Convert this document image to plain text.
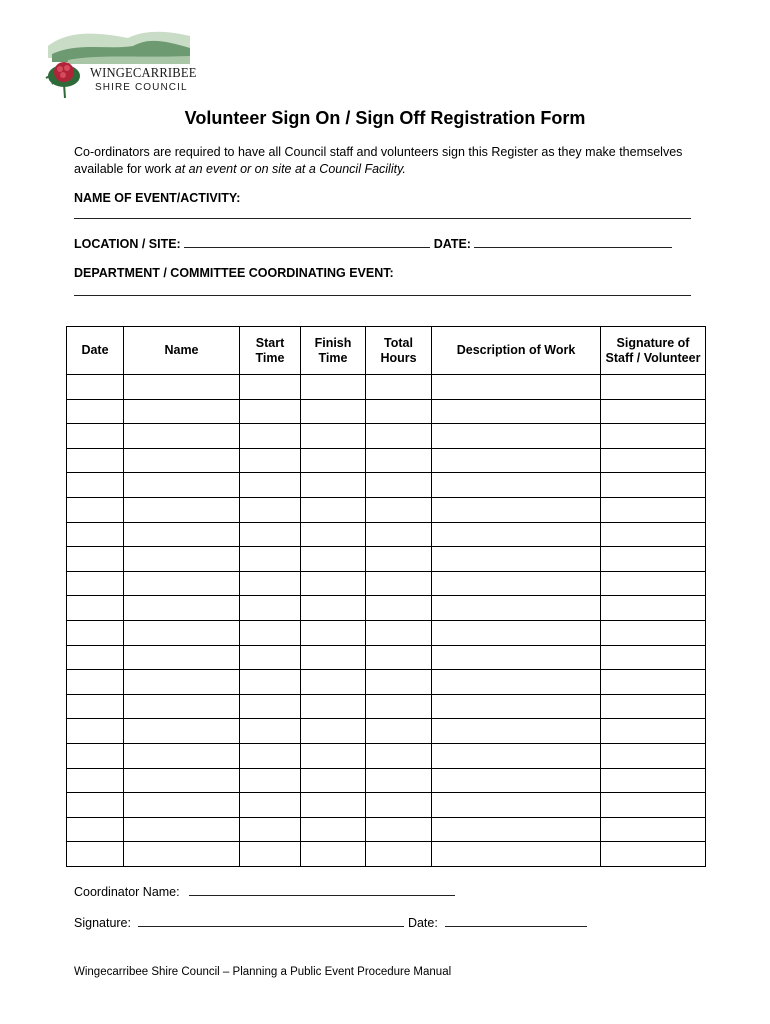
WINGECARRIBEE
SHIRE COUNCIL
Volunteer Sign On / Sign Off Registration Form
Co-ordinators are required to have all Council staff and volunteers sign this Register as they make themselves available for work at an event or on site at a Council Facility.
NAME OF EVENT/ACTIVITY:
LOCATION / SITE:	DATE:
DEPARTMENT / COMMITTEE COORDINATING EVENT:
Date	Name	Start Time	Finish Time	Total Hours	Description of Work	Signature of Staff / Volunteer

Coordinator Name:
Signature:	Date:
Wingecarribee Shire Council – Planning a Public Event Procedure Manual
